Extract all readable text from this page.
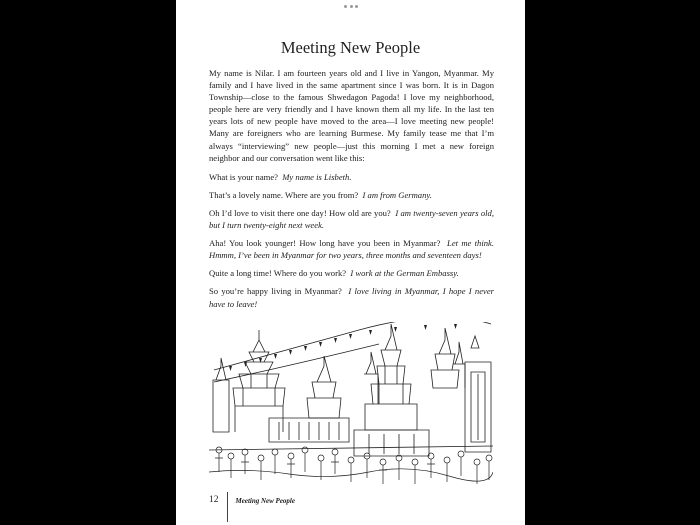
Meeting New People

My name is Nilar. I am fourteen years old and I live in Yangon, Myanmar. My family and I have lived in the same apartment since I was born. It is in Dagon Township—close to the famous Shwedagon Pagoda! I love my neighborhood, people here are very friendly and I have known them all my life. In the last ten years lots of new people have moved to the area—I love meeting new people! Many are foreigners who are learning Burmese. My family tease me that I’m always “interviewing” new people—just this morning I met a new foreign neighbor and our conversation went like this:

What is your name? My name is Lisbeth.

That’s a lovely name. Where are you from? I am from Germany.

Oh I’d love to visit there one day! How old are you? I am twenty-seven years old, but I turn twenty-eight next week.

Aha! You look younger! How long have you been in Myanmar? Let me think. Hmmm, I’ve been in Myanmar for two years, three months and seventeen days!

Quite a long time! Where do you work? I work at the German Embassy.

So you’re happy living in Myanmar? I love living in Myanmar, I hope I never have to leave!

12 Meeting New People
